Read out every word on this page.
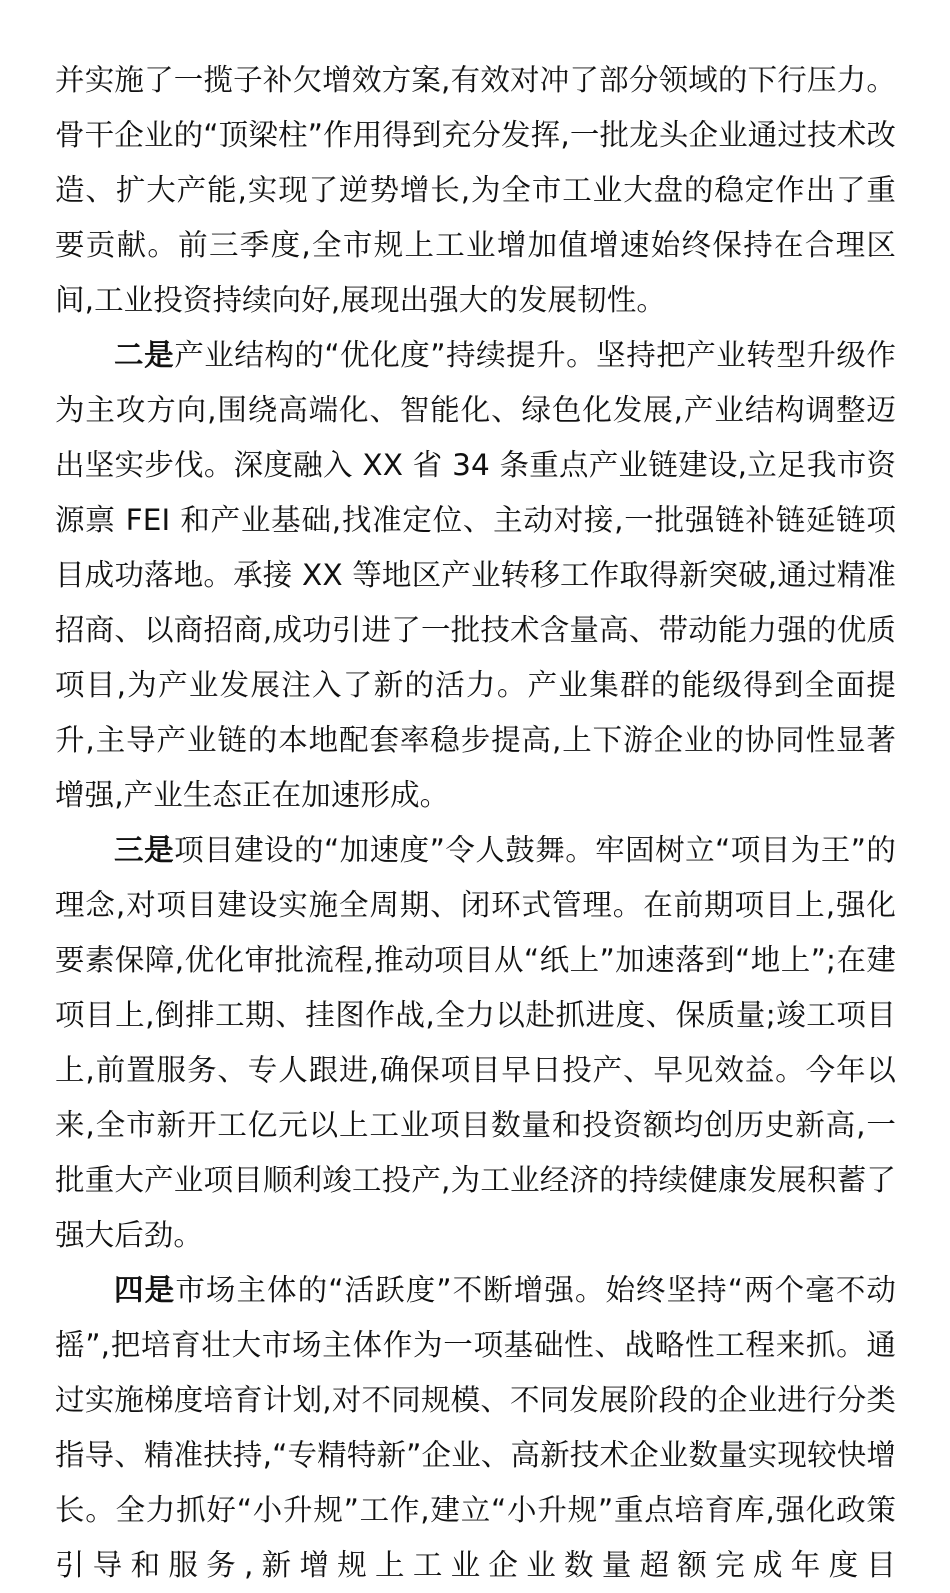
并实施了一揽子补欠增效方案,有效对冲了部分领域的下行压力。骨干企业的“顶梁柱”作用得到充分发挥,一批龙头企业通过技术改造、扩大产能,实现了逆势增长,为全市工业大盘的稳定作出了重要贡献。前三季度,全市规上工业增加值增速始终保持在合理区间,工业投资持续向好,展现出强大的发展韧性。

二是产业结构的“优化度”持续提升。坚持把产业转型升级作为主攻方向,围绕高端化、智能化、绿色化发展,产业结构调整迈出坚实步伐。深度融入 XX 省 34 条重点产业链建设,立足我市资源禀 FEI 和产业基础,找准定位、主动对接,一批强链补链延链项目成功落地。承接 XX 等地区产业转移工作取得新突破,通过精准招商、以商招商,成功引进了一批技术含量高、带动能力强的优质项目,为产业发展注入了新的活力。产业集群的能级得到全面提升,主导产业链的本地配套率稳步提高,上下游企业的协同性显著增强,产业生态正在加速形成。

三是项目建设的“加速度”令人鼓舞。牢固树立“项目为王”的理念,对项目建设实施全周期、闭环式管理。在前期项目上,强化要素保障,优化审批流程,推动项目从“纸上”加速落到“地上”;在建项目上,倒排工期、挂图作战,全力以赴抓进度、保质量;竣工项目上,前置服务、专人跟进,确保项目早日投产、早见效益。今年以来,全市新开工亿元以上工业项目数量和投资额均创历史新高,一批重大产业项目顺利竣工投产,为工业经济的持续健康发展积蓄了强大后劲。

四是市场主体的“活跃度”不断增强。始终坚持“两个毫不动摇”,把培育壮大市场主体作为一项基础性、战略性工程来抓。通过实施梯度培育计划,对不同规模、不同发展阶段的企业进行分类指导、精准扶持,“专精特新”企业、高新技术企业数量实现较快增长。全力抓好“小升规”工作,建立“小升规”重点培育库,强化政策引导和服务,新增规上工业企业数量超额完成年度目
